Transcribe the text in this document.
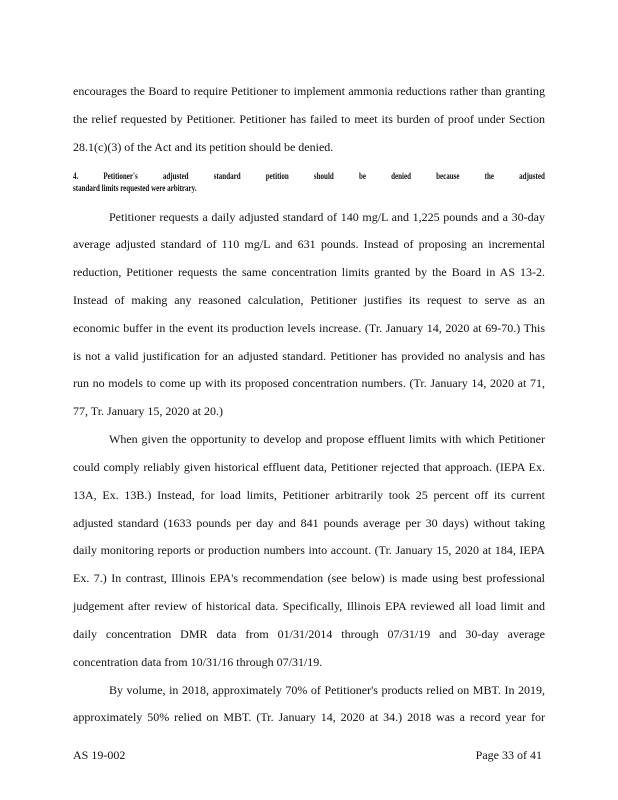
encourages the Board to require Petitioner to implement ammonia reductions rather than granting
the relief requested by Petitioner. Petitioner has failed to meet its burden of proof under Section
28.1(c)(3) of the Act and its petition should be denied.
4. Petitioner's adjusted standard petition should be denied because the adjusted
standard limits requested were arbitrary.
Petitioner requests a daily adjusted standard of 140 mg/L and 1,225 pounds and a 30-day
average adjusted standard of 110 mg/L and 631 pounds. Instead of proposing an incremental
reduction, Petitioner requests the same concentration limits granted by the Board in AS 13-2.
Instead of making any reasoned calculation, Petitioner justifies its request to serve as an
economic buffer in the event its production levels increase. (Tr. January 14, 2020 at 69-70.) This
is not a valid justification for an adjusted standard. Petitioner has provided no analysis and has
run no models to come up with its proposed concentration numbers. (Tr. January 14, 2020 at 71,
77, Tr. January 15, 2020 at 20.)
When given the opportunity to develop and propose effluent limits with which Petitioner
could comply reliably given historical effluent data, Petitioner rejected that approach. (IEPA Ex.
13A, Ex. 13B.) Instead, for load limits, Petitioner arbitrarily took 25 percent off its current
adjusted standard (1633 pounds per day and 841 pounds average per 30 days) without taking
daily monitoring reports or production numbers into account. (Tr. January 15, 2020 at 184, IEPA
Ex. 7.) In contrast, Illinois EPA's recommendation (see below) is made using best professional
judgement after review of historical data. Specifically, Illinois EPA reviewed all load limit and
daily concentration DMR data from 01/31/2014 through 07/31/19 and 30-day average
concentration data from 10/31/16 through 07/31/19.
By volume, in 2018, approximately 70% of Petitioner's products relied on MBT. In 2019,
approximately 50% relied on MBT. (Tr. January 14, 2020 at 34.) 2018 was a record year for
AS 19-002	Page 33 of 41
